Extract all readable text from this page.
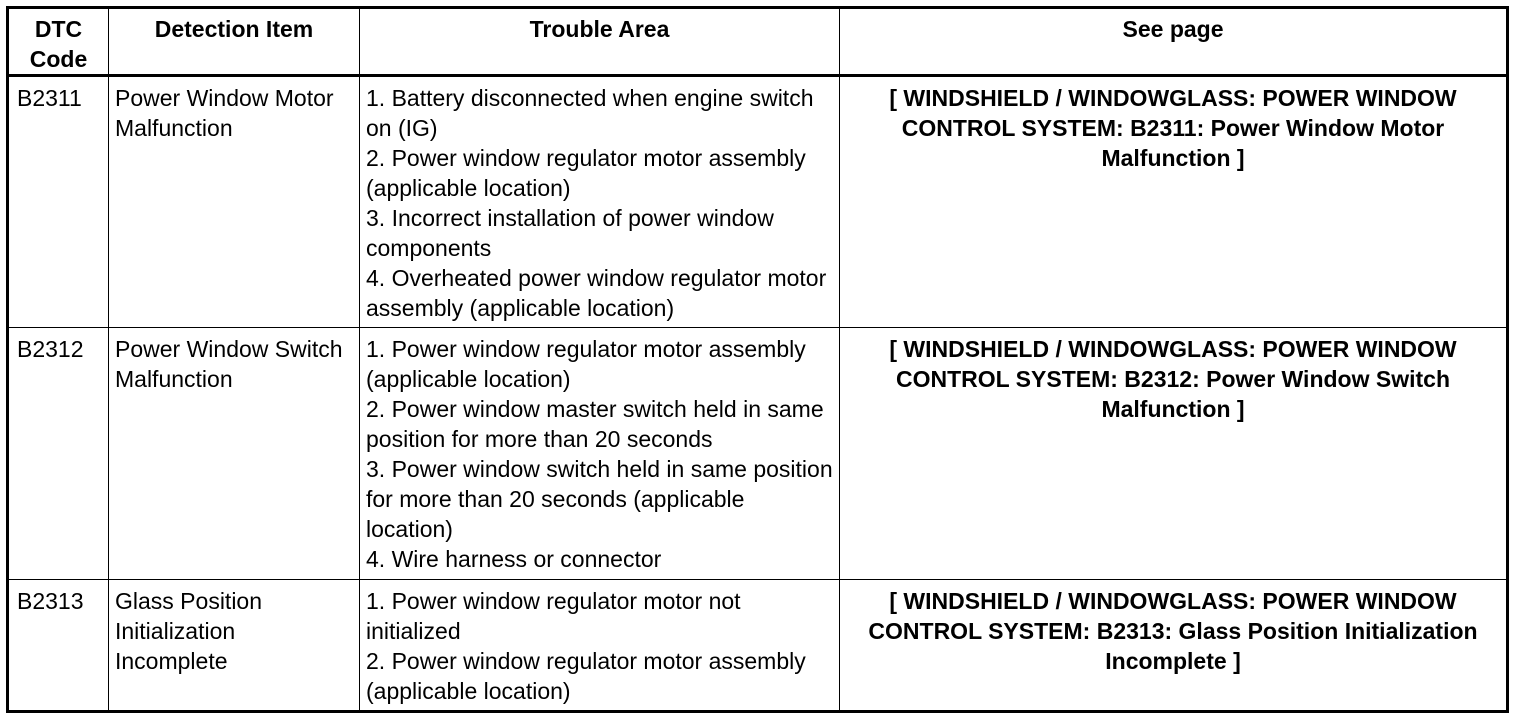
DTC Code	Detection Item	Trouble Area	See page
B2311	Power Window Motor Malfunction	1. Battery disconnected when engine switch on (IG)
2. Power window regulator motor assembly (applicable location)
3. Incorrect installation of power window components
4. Overheated power window regulator motor assembly (applicable location)	[ WINDSHIELD / WINDOWGLASS: POWER WINDOW CONTROL SYSTEM: B2311: Power Window Motor Malfunction ]
B2312	Power Window Switch Malfunction	1. Power window regulator motor assembly (applicable location)
2. Power window master switch held in same position for more than 20 seconds
3. Power window switch held in same position for more than 20 seconds (applicable location)
4. Wire harness or connector	[ WINDSHIELD / WINDOWGLASS: POWER WINDOW CONTROL SYSTEM: B2312: Power Window Switch Malfunction ]
B2313	Glass Position Initialization Incomplete	1. Power window regulator motor not initialized
2. Power window regulator motor assembly (applicable location)	[ WINDSHIELD / WINDOWGLASS: POWER WINDOW CONTROL SYSTEM: B2313: Glass Position Initialization Incomplete ]
